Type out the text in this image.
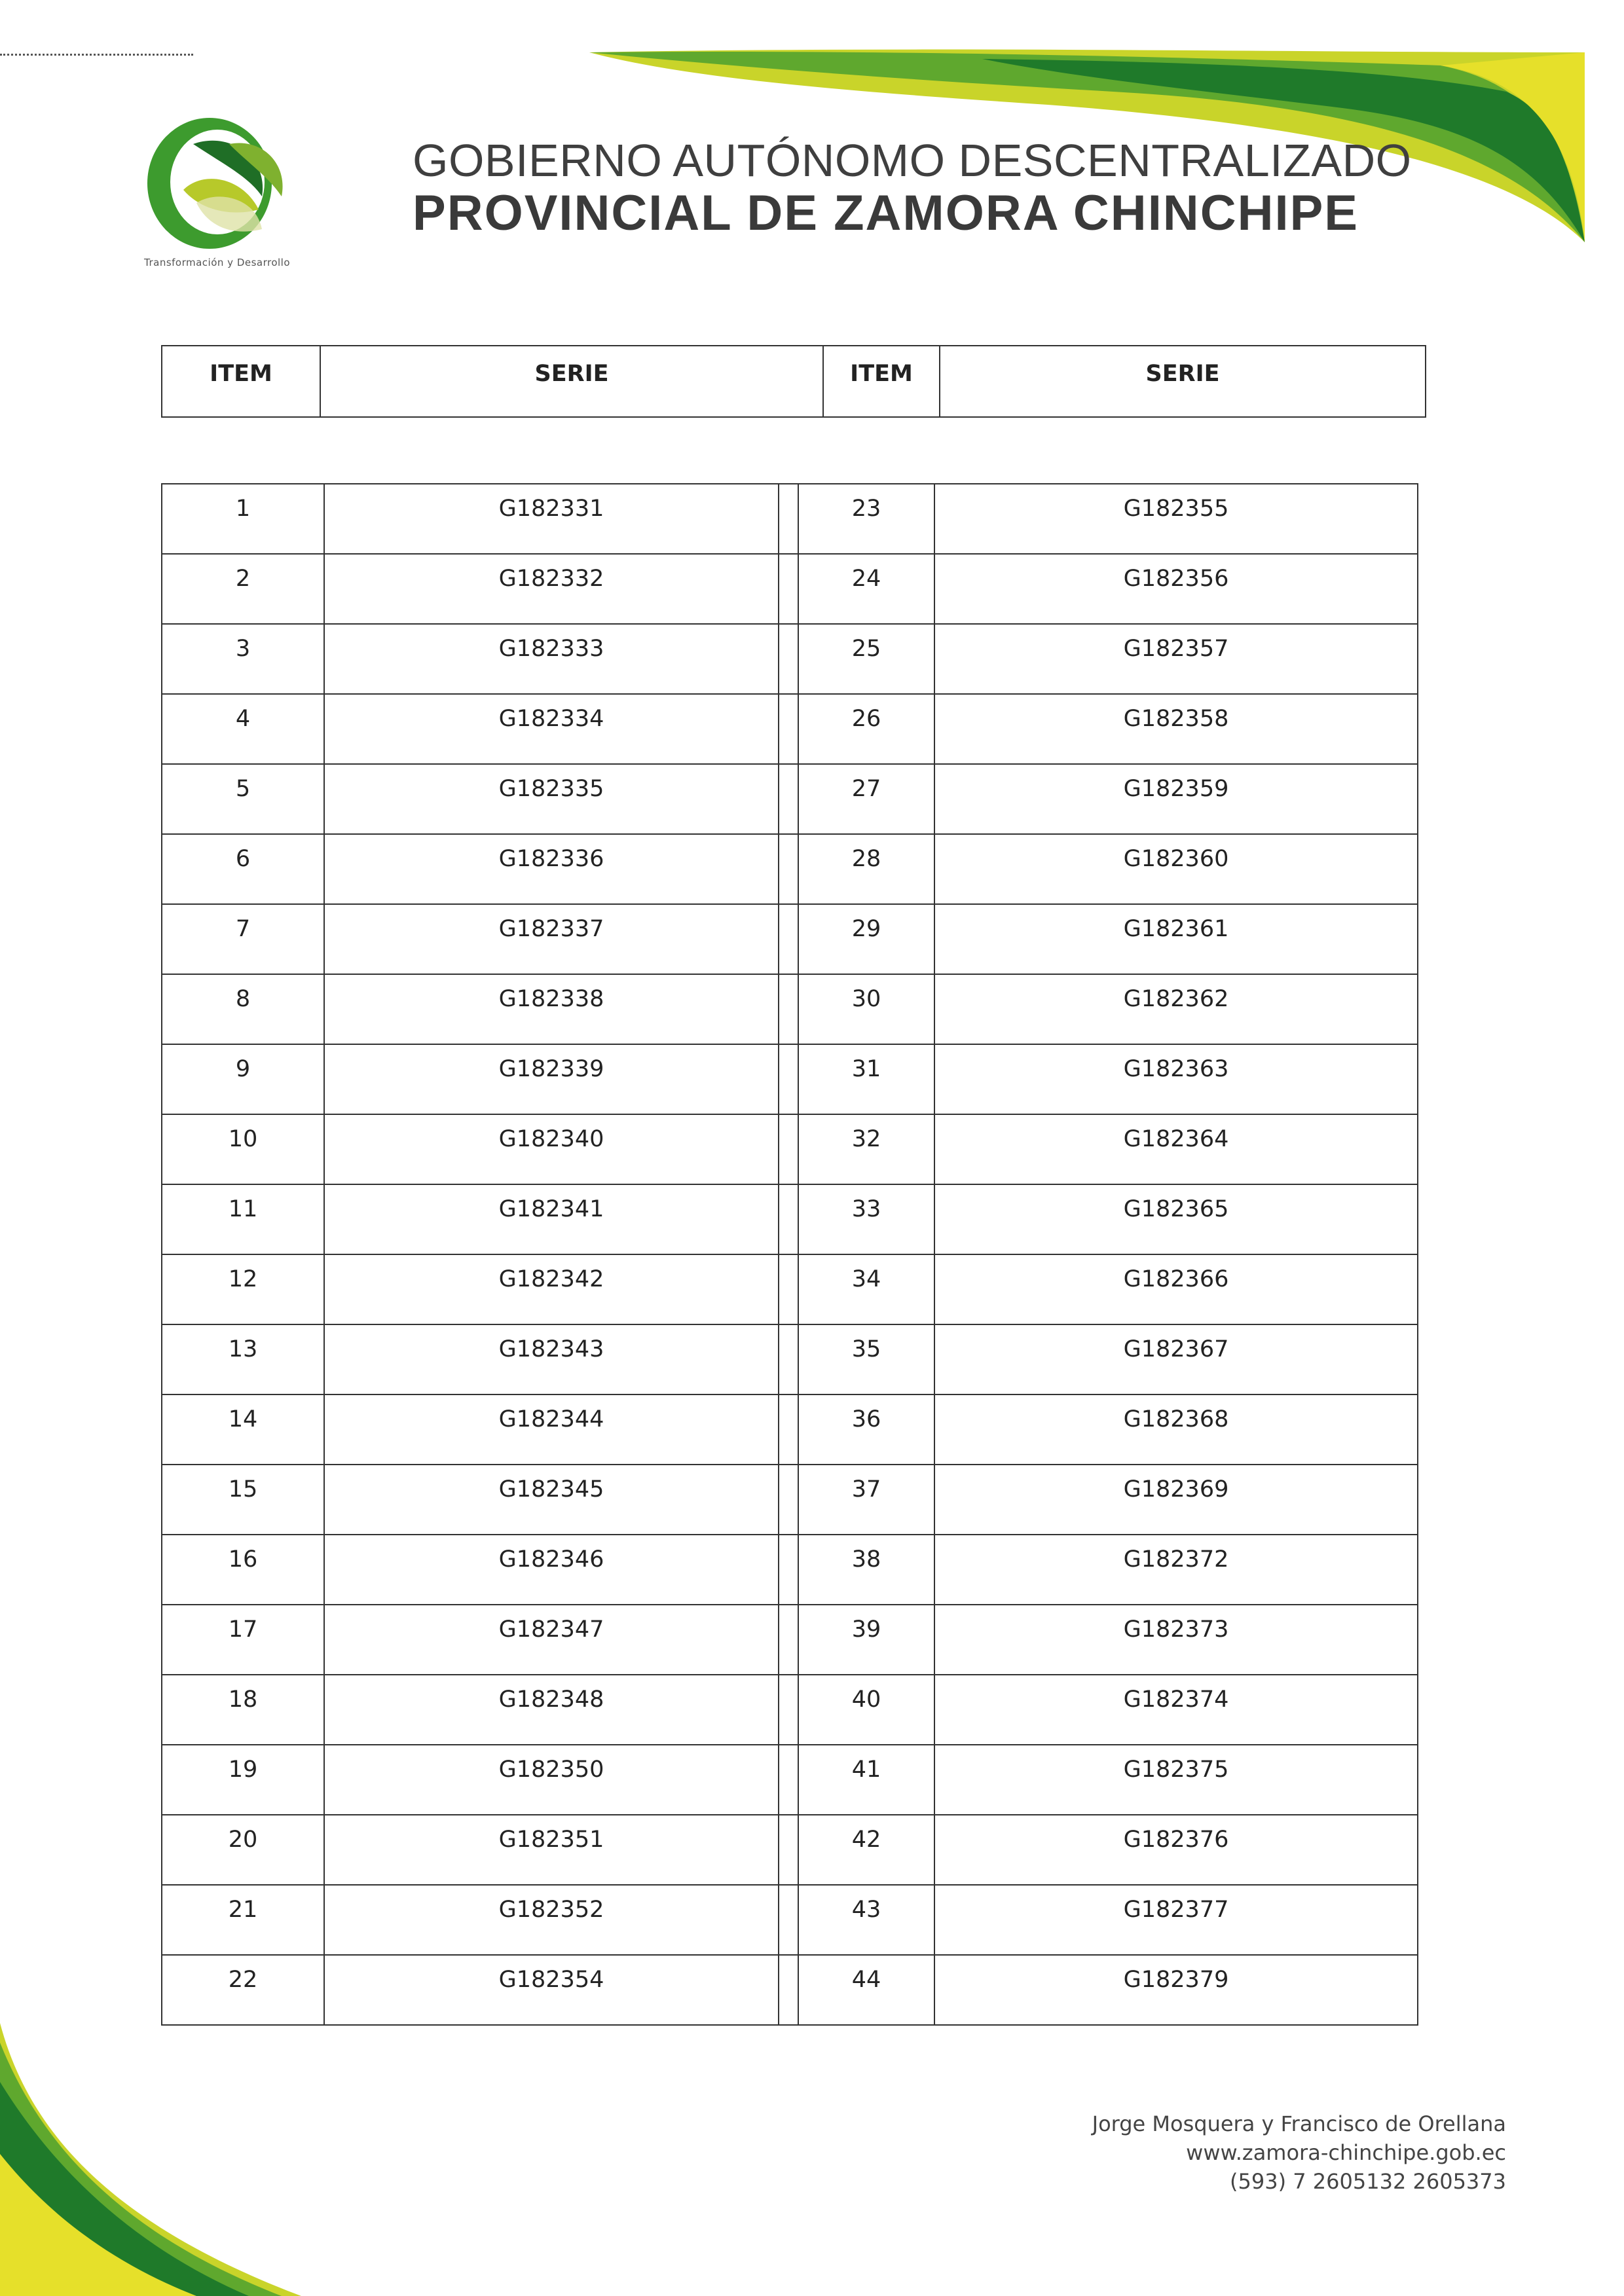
Transformación y Desarrollo
GOBIERNO AUTÓNOMO DESCENTRALIZADO
PROVINCIAL DE ZAMORA CHINCHIPE
ITEM	SERIE	ITEM	SERIE
1	G182331		23	G182355
2	G182332		24	G182356
3	G182333		25	G182357
4	G182334		26	G182358
5	G182335		27	G182359
6	G182336		28	G182360
7	G182337		29	G182361
8	G182338		30	G182362
9	G182339		31	G182363
10	G182340		32	G182364
11	G182341		33	G182365
12	G182342		34	G182366
13	G182343		35	G182367
14	G182344		36	G182368
15	G182345		37	G182369
16	G182346		38	G182372
17	G182347		39	G182373
18	G182348		40	G182374
19	G182350		41	G182375
20	G182351		42	G182376
21	G182352		43	G182377
22	G182354		44	G182379
Jorge Mosquera y Francisco de Orellana
www.zamora-chinchipe.gob.ec
(593) 7 2605132 2605373
